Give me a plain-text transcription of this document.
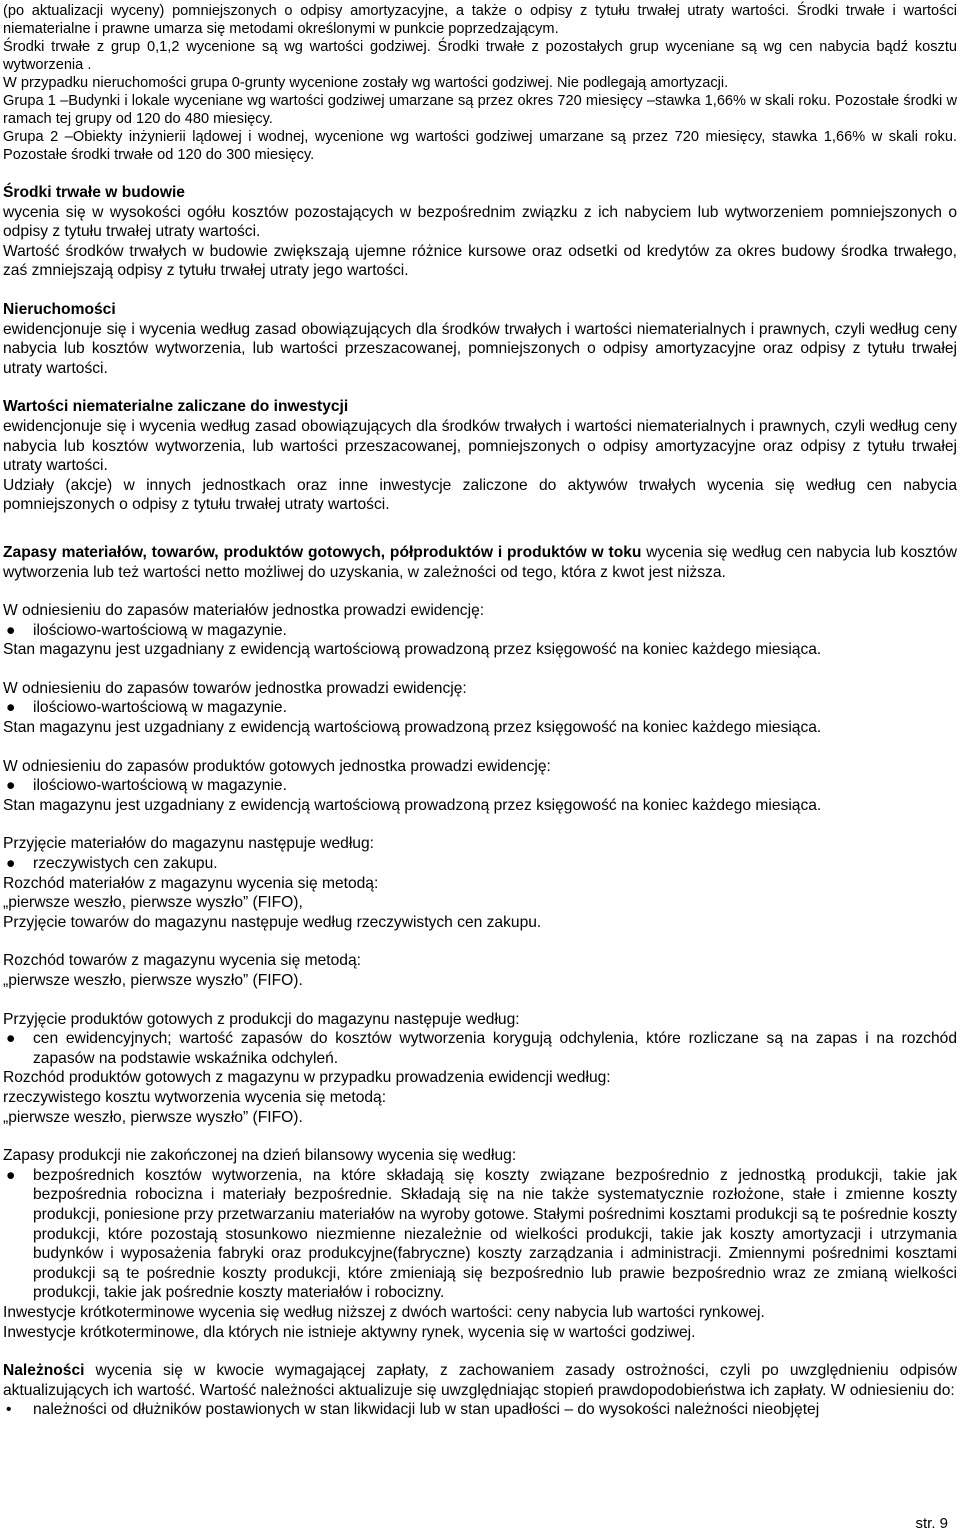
(po aktualizacji wyceny) pomniejszonych o odpisy amortyzacyjne, a także o odpisy z tytułu trwałej utraty wartości. Środki trwałe i wartości niematerialne i prawne umarza się metodami określonymi w punkcie poprzedzającym.

Środki trwałe z grup 0,1,2 wycenione są wg wartości godziwej. Środki trwałe z pozostałych grup wyceniane są wg cen nabycia bądź kosztu wytworzenia .

W przypadku nieruchomości grupa 0-grunty wycenione zostały wg wartości godziwej. Nie podlegają amortyzacji.

Grupa 1 –Budynki i lokale wyceniane wg wartości godziwej umarzane są przez okres 720 miesięcy –stawka 1,66% w skali roku. Pozostałe środki w ramach tej grupy od 120 do 480 miesięcy.

Grupa 2 –Obiekty inżynierii lądowej i wodnej, wycenione wg wartości godziwej umarzane są przez 720 miesięcy, stawka 1,66% w skali roku. Pozostałe środki trwałe od 120 do 300 miesięcy.

Środki trwałe w budowie

wycenia się w wysokości ogółu kosztów pozostających w bezpośrednim związku z ich nabyciem lub wytworzeniem pomniejszonych o odpisy z tytułu trwałej utraty wartości.

Wartość środków trwałych w budowie zwiększają ujemne różnice kursowe oraz odsetki od kredytów za okres budowy środka trwałego, zaś zmniejszają odpisy z tytułu trwałej utraty jego wartości.

Nieruchomości

ewidencjonuje się i wycenia według zasad obowiązujących dla środków trwałych i wartości niematerialnych i prawnych, czyli według ceny nabycia lub kosztów wytworzenia, lub wartości przeszacowanej, pomniejszonych o odpisy amortyzacyjne oraz odpisy z tytułu trwałej utraty wartości.

Wartości niematerialne zaliczane do inwestycji

ewidencjonuje się i wycenia według zasad obowiązujących dla środków trwałych i wartości niematerialnych i prawnych, czyli według ceny nabycia lub kosztów wytworzenia, lub wartości przeszacowanej, pomniejszonych o odpisy amortyzacyjne oraz odpisy z tytułu trwałej utraty wartości.

Udziały (akcje) w innych jednostkach oraz inne inwestycje zaliczone do aktywów trwałych wycenia się według cen nabycia pomniejszonych o odpisy z tytułu trwałej utraty wartości.

Zapasy materiałów, towarów, produktów gotowych, półproduktów i produktów w toku wycenia się według cen nabycia lub kosztów wytworzenia lub też wartości netto możliwej do uzyskania, w zależności od tego, która z kwot jest niższa.

W odniesieniu do zapasów materiałów jednostka prowadzi ewidencję:

● ilościowo-wartościową w magazynie.

Stan magazynu jest uzgadniany z ewidencją wartościową prowadzoną przez księgowość na koniec każdego miesiąca.

W odniesieniu do zapasów towarów jednostka prowadzi ewidencję:

● ilościowo-wartościową w magazynie.

Stan magazynu jest uzgadniany z ewidencją wartościową prowadzoną przez księgowość na koniec każdego miesiąca.

W odniesieniu do zapasów produktów gotowych jednostka prowadzi ewidencję:

● ilościowo-wartościową w magazynie.

Stan magazynu jest uzgadniany z ewidencją wartościową prowadzoną przez księgowość na koniec każdego miesiąca.

Przyjęcie materiałów do magazynu następuje według:

● rzeczywistych cen zakupu.

Rozchód materiałów z magazynu wycenia się metodą:

„pierwsze weszło, pierwsze wyszło” (FIFO),

Przyjęcie towarów do magazynu następuje według rzeczywistych cen zakupu.

Rozchód towarów z magazynu wycenia się metodą:

„pierwsze weszło, pierwsze wyszło” (FIFO).

Przyjęcie produktów gotowych z produkcji do magazynu następuje według:

● cen ewidencyjnych; wartość zapasów do kosztów wytworzenia korygują odchylenia, które rozliczane są na zapas i na rozchód zapasów na podstawie wskaźnika odchyleń.

Rozchód produktów gotowych z magazynu w przypadku prowadzenia ewidencji według:

rzeczywistego kosztu wytworzenia wycenia się metodą:

„pierwsze weszło, pierwsze wyszło” (FIFO).

Zapasy produkcji nie zakończonej na dzień bilansowy wycenia się według:

● bezpośrednich kosztów wytworzenia, na które składają się koszty związane bezpośrednio z jednostką produkcji, takie jak bezpośrednia robocizna i materiały bezpośrednie. Składają się na nie także systematycznie rozłożone, stałe i zmienne koszty produkcji, poniesione przy przetwarzaniu materiałów na wyroby gotowe. Stałymi pośrednimi kosztami produkcji są te pośrednie koszty produkcji, które pozostają stosunkowo niezmienne niezależnie od wielkości produkcji, takie jak koszty amortyzacji i utrzymania budynków i wyposażenia fabryki oraz produkcyjne(fabryczne) koszty zarządzania i administracji. Zmiennymi pośrednimi kosztami produkcji są te pośrednie koszty produkcji, które zmieniają się bezpośrednio lub prawie bezpośrednio wraz ze zmianą wielkości produkcji, takie jak pośrednie koszty materiałów i robocizny.

Inwestycje krótkoterminowe wycenia się według niższej z dwóch wartości: ceny nabycia lub wartości rynkowej.

Inwestycje krótkoterminowe, dla których nie istnieje aktywny rynek, wycenia się w wartości godziwej.

Należności wycenia się w kwocie wymagającej zapłaty, z zachowaniem zasady ostrożności, czyli po uwzględnieniu odpisów aktualizujących ich wartość. Wartość należności aktualizuje się uwzględniając stopień prawdopodobieństwa ich zapłaty. W odniesieniu do:

• należności od dłużników postawionych w stan likwidacji lub w stan upadłości – do wysokości należności nieobjętej
str. 9
